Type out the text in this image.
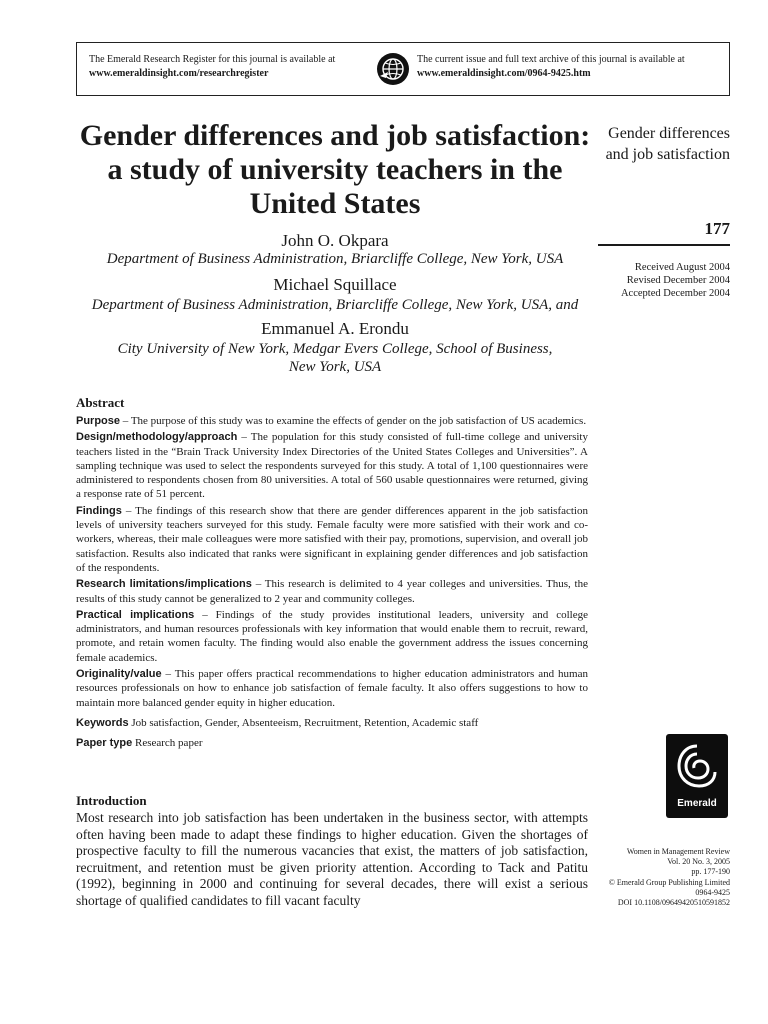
The Emerald Research Register for this journal is available at
www.emeraldinsight.com/researchregister
The current issue and full text archive of this journal is available at
www.emeraldinsight.com/0964-9425.htm
Gender differences and job satisfaction: a study of university teachers in the United States
John O. Okpara
Department of Business Administration, Briarcliffe College, New York, USA
Michael Squillace
Department of Business Administration, Briarcliffe College, New York, USA, and
Emmanuel A. Erondu
City University of New York, Medgar Evers College, School of Business,
New York, USA
Gender differences and job satisfaction
177
Received August 2004
Revised December 2004
Accepted December 2004
Abstract

Purpose – The purpose of this study was to examine the effects of gender on the job satisfaction of US academics.

Design/methodology/approach – The population for this study consisted of full-time college and university teachers listed in the “Brain Track University Index Directories of the United States Colleges and Universities”. A sampling technique was used to select the respondents surveyed for this study. A total of 1,100 questionnaires were administered to respondents chosen from 80 universities. A total of 560 usable questionnaires were returned, giving a response rate of 51 percent.

Findings – The findings of this research show that there are gender differences apparent in the job satisfaction levels of university teachers surveyed for this study. Female faculty were more satisfied with their work and co-workers, whereas, their male colleagues were more satisfied with their pay, promotions, supervision, and overall job satisfaction. Results also indicated that ranks were significant in explaining gender differences and job satisfaction of the respondents.

Research limitations/implications – This research is delimited to 4 year colleges and universities. Thus, the results of this study cannot be generalized to 2 year and community colleges.

Practical implications – Findings of the study provides institutional leaders, university and college administrators, and human resources professionals with key information that would enable them to recruit, reward, promote, and retain women faculty. The finding would also enable the government address the issues concerning female academics.

Originality/value – This paper offers practical recommendations to higher education administrators and human resources professionals on how to enhance job satisfaction of female faculty. It also offers suggestions to how to maintain more balanced gender equity in higher education.

Keywords Job satisfaction, Gender, Absenteeism, Recruitment, Retention, Academic staff

Paper type Research paper

Introduction
Most research into job satisfaction has been undertaken in the business sector, with attempts often having been made to adapt these findings to higher education. Given the shortages of prospective faculty to fill the numerous vacancies that exist, the matters of job satisfaction, recruitment, and retention must be given priority attention. According to Tack and Patitu (1992), beginning in 2000 and continuing for several decades, there will exist a serious shortage of qualified candidates to fill vacant faculty
Emerald
Women in Management Review
Vol. 20 No. 3, 2005
pp. 177-190
© Emerald Group Publishing Limited
0964-9425
DOI 10.1108/09649420510591852
